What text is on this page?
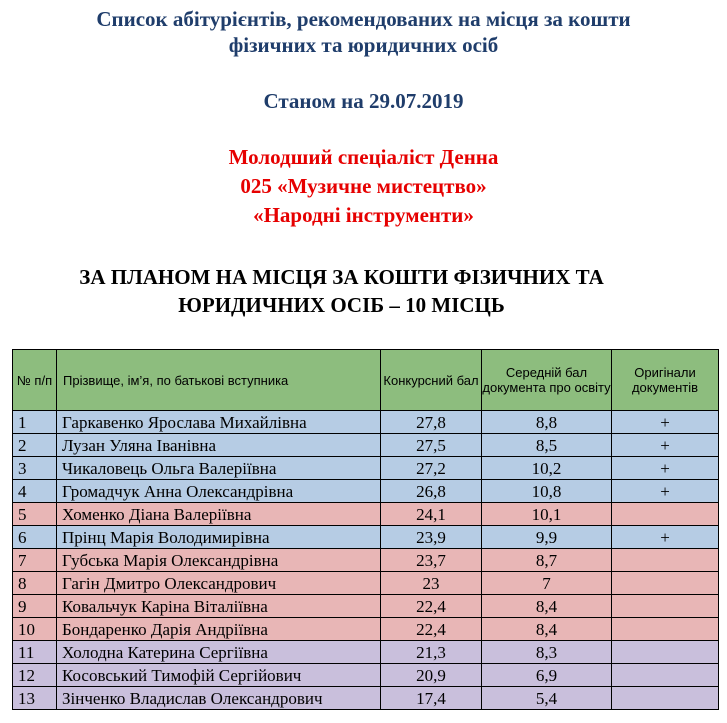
Список абітурієнтів, рекомендованих на місця за кошти
фізичних та юридичних осіб
Станом на 29.07.2019
Молодший спеціаліст Денна
025 «Музичне мистецтво»
«Народні інструменти»
ЗА ПЛАНОМ НА МІСЦЯ ЗА КОШТИ ФІЗИЧНИХ ТА
ЮРИДИЧНИХ ОСІБ – 10 МІСЦЬ
№ п/п	Прізвище, ім’я, по батькові вступника	Конкурсний бал	Середній бал документа про освіту	Оригінали документів
1	Гаркавенко Ярослава Михайлівна	27,8	8,8	+
2	Лузан Уляна Іванівна	27,5	8,5	+
3	Чикаловець Ольга Валеріївна	27,2	10,2	+
4	Громадчук Анна Олександрівна	26,8	10,8	+
5	Хоменко Діана Валеріївна	24,1	10,1	
6	Прінц Марія Володимирівна	23,9	9,9	+
7	Губська Марія Олександрівна	23,7	8,7	
8	Гагін Дмитро Олександрович	23	7	
9	Ковальчук Каріна Віталіївна	22,4	8,4	
10	Бондаренко Дарія Андріївна	22,4	8,4	
11	Холодна Катерина Сергіївна	21,3	8,3	
12	Косовський Тимофій Сергійович	20,9	6,9	
13	Зінченко Владислав Олександрович	17,4	5,4	
